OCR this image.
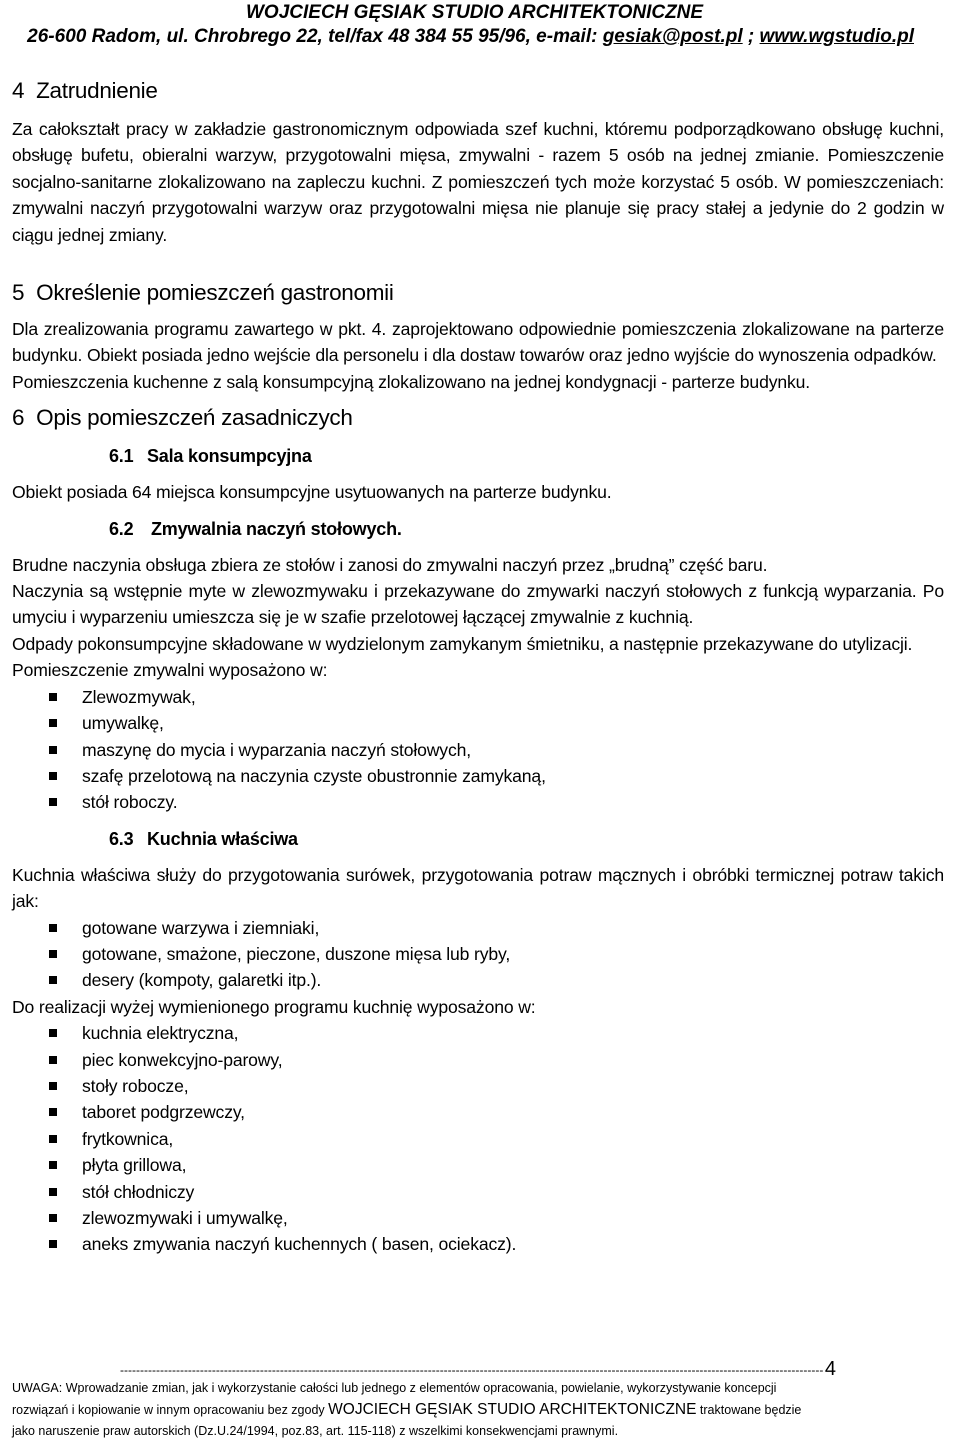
WOJCIECH GĘSIAK STUDIO ARCHITEKTONICZNE
26-600 Radom, ul. Chrobrego 22, tel/fax 48 384 55 95/96, e-mail: gesiak@post.pl ; www.wgstudio.pl
4  Zatrudnienie

Za całokształt pracy w zakładzie gastronomicznym odpowiada szef kuchni, któremu podporządkowano obsługę kuchni, obsługę bufetu, obieralni warzyw, przygotowalni mięsa, zmywalni - razem 5 osób na jednej zmianie. Pomieszczenie socjalno-sanitarne zlokalizowano na zapleczu kuchni. Z pomieszczeń tych może korzystać 5 osób. W pomieszczeniach: zmywalni naczyń przygotowalni warzyw oraz przygotowalni mięsa nie planuje się pracy stałej a jedynie do 2 godzin w ciągu jednej zmiany.

5  Określenie pomieszczeń gastronomii

Dla zrealizowania programu zawartego w pkt. 4. zaprojektowano odpowiednie pomieszczenia zlokalizowane na parterze budynku. Obiekt posiada jedno wejście dla personelu i dla dostaw towarów oraz jedno wyjście do wynoszenia odpadków.

Pomieszczenia kuchenne z salą konsumpcyjną zlokalizowano na jednej kondygnacji - parterze budynku.

6  Opis pomieszczeń zasadniczych
6.1 Sala konsumpcyjna

Obiekt posiada 64 miejsca konsumpcyjne usytuowanych na parterze budynku.

6.2 Zmywalnia naczyń stołowych.

Brudne naczynia obsługa zbiera ze stołów i zanosi do zmywalni naczyń przez „brudną” część baru.

Naczynia są wstępnie myte w zlewozmywaku i przekazywane do zmywarki naczyń stołowych z funkcją wyparzania. Po umyciu i wyparzeniu umieszcza się je w szafie przelotowej łączącej zmywalnie z kuchnią.

Odpady pokonsumpcyjne składowane w wydzielonym zamykanym śmietniku, a następnie przekazywane do utylizacji.

Pomieszczenie zmywalni wyposażono w:

Zlewozmywak,
umywalkę,
maszynę do mycia i wyparzania naczyń stołowych,
szafę przelotową na naczynia czyste obustronnie zamykaną,
stół roboczy.
6.3 Kuchnia właściwa

Kuchnia właściwa służy do przygotowania surówek, przygotowania potraw mącznych i obróbki termicznej potraw takich jak:

gotowane warzywa i ziemniaki,
gotowane, smażone, pieczone, duszone mięsa lub ryby,
desery (kompoty, galaretki itp.).

Do realizacji wyżej wymienionego programu kuchnię wyposażono w:

kuchnia elektryczna,
piec konwekcyjno-parowy,
stoły robocze,
taboret podgrzewczy,
frytkownica,
płyta grillowa,
stół chłodniczy
zlewozmywaki i umywalkę,
aneks zmywania naczyń kuchennych ( basen, ociekacz).
-------------------------------------------------------------------------------------------------------------------------------------------------------------------------------- 4
UWAGA: Wprowadzanie zmian, jak i wykorzystanie całości lub jednego z elementów opracowania, powielanie, wykorzystywanie koncepcji
rozwiązań i kopiowanie w innym opracowaniu bez zgody WOJCIECH GĘSIAK STUDIO ARCHITEKTONICZNE traktowane będzie
jako naruszenie praw autorskich (Dz.U.24/1994, poz.83, art. 115-118) z wszelkimi konsekwencjami prawnymi.
